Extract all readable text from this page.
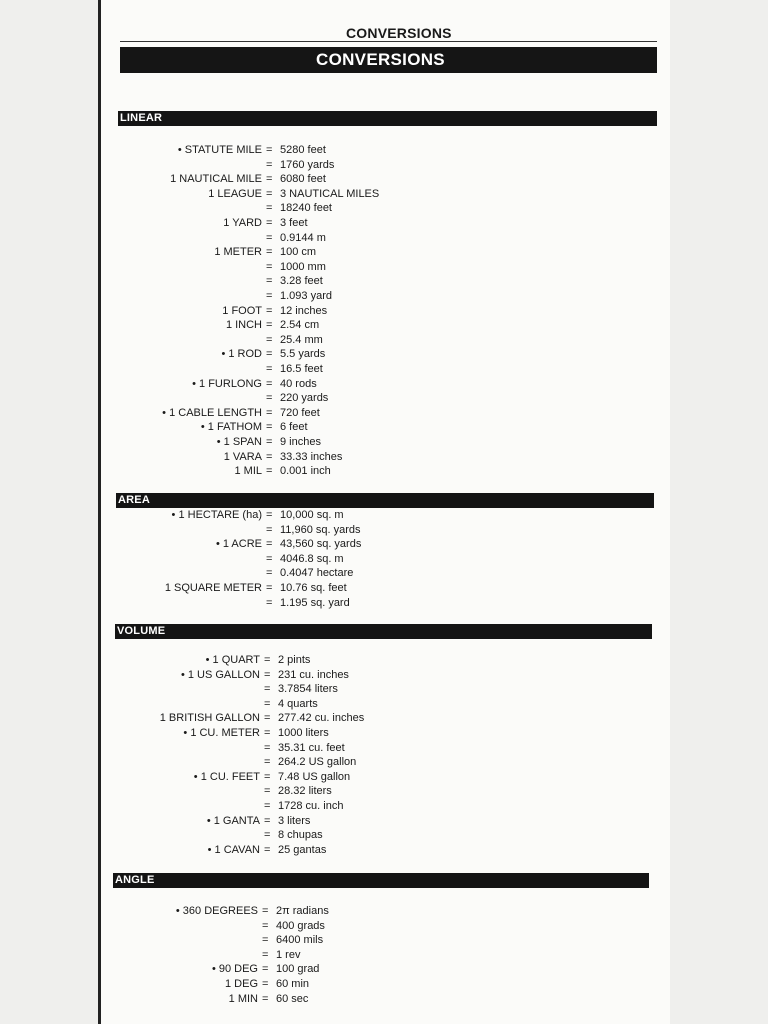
CONVERSIONS
CONVERSIONS
LINEAR
• STATUTE MILE = 5280 feet
= 1760 yards
1 NAUTICAL MILE = 6080 feet
1 LEAGUE = 3 NAUTICAL MILES
= 18240 feet
1 YARD = 3 feet
= 0.9144 m
1 METER = 100 cm
= 1000 mm
= 3.28 feet
= 1.093 yard
1 FOOT = 12 inches
1 INCH = 2.54 cm
= 25.4 mm
• 1 ROD = 5.5 yards
= 16.5 feet
• 1 FURLONG = 40 rods
= 220 yards
• 1 CABLE LENGTH = 720 feet
• 1 FATHOM = 6 feet
• 1 SPAN = 9 inches
1 VARA = 33.33 inches
1 MIL = 0.001 inch
AREA
• 1 HECTARE (ha) = 10,000 sq. m
= 11,960 sq. yards
• 1 ACRE = 43,560 sq. yards
= 4046.8 sq. m
= 0.4047 hectare
1 SQUARE METER = 10.76 sq. feet
= 1.195 sq. yard
VOLUME
• 1 QUART = 2 pints
• 1 US GALLON = 231 cu. inches
= 3.7854 liters
= 4 quarts
1 BRITISH GALLON = 277.42 cu. inches
• 1 CU. METER = 1000 liters
= 35.31 cu. feet
= 264.2 US gallon
• 1 CU. FEET = 7.48 US gallon
= 28.32 liters
= 1728 cu. inch
• 1 GANTA = 3 liters
= 8 chupas
• 1 CAVAN = 25 gantas
ANGLE
• 360 DEGREES = 2π radians
= 400 grads
= 6400 mils
= 1 rev
• 90 DEG = 100 grad
1 DEG = 60 min
1 MIN = 60 sec
